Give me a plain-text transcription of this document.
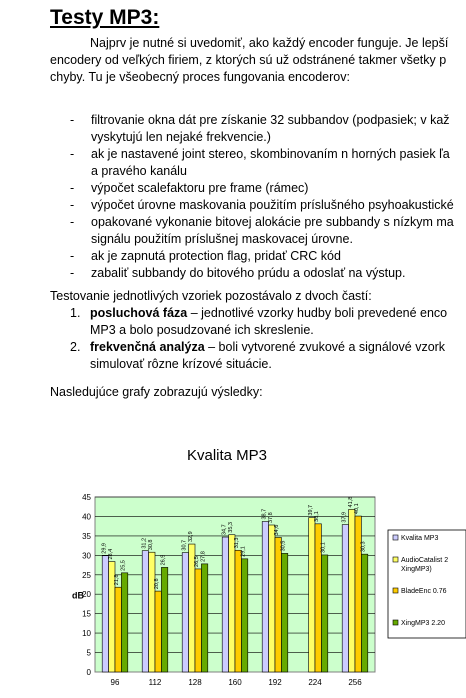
Testy MP3:
Najprv je nutné si uvedomiť, ako každý encoder funguje. Je lepší
encodery od veľkých firiem, z ktorých sú už odstránené takmer všetky p
chyby. Tu je všeobecný proces fungovania encoderov:
- filtrovanie okna dát pre získanie 32 subbandov (podpasiek; v kaž
vyskytujú len nejaké frekvencie.)
- ak je nastavené joint stereo, skombinovaním n horných pasiek ľa
a pravého kanálu
- výpočet scalefaktoru pre frame (rámec)
- výpočet úrovne maskovania použitím príslušného psyhoakustické
- opakované vykonanie bitovej alokácie pre subbandy s nízkym ma
signálu použitím príslušnej maskovacej úrovne.
- ak je zapnutá protection flag, pridať CRC kód
- zabaliť subbandy do bitového prúdu a odoslať na výstup.
Testovanie jednotlivých vzoriek pozostávalo z dvoch častí:
1. posluchová fáza – jednotlivé vzorky hudby boli prevedené enco
MP3 a bolo posudzované ich skreslenie.
2. frekvenčná analýza – boli vytvorené zvukové a signálové vzork
simulovať rôzne krízové situácie.
Nasledujúce grafy zobrazujú výsledky:
Kvalita MP3
0
5
10
15
20
25
30
35
40
45
dB
29,9
28,4
21,8
25,5
96
31,2 30,8
20,8
26,9
112
30,7
32,9
26,5 27,8
128
34,7 35,3
31,3
29,1
160
38,7 37,8
34,6
30,5
192
39,7
38,1
30,1
224
37,9
41,8
40,1
30,3
256
Kvalita MP3
AudioCatalist 2
XingMP3)
BladeEnc 0.76
XingMP3 2.20
